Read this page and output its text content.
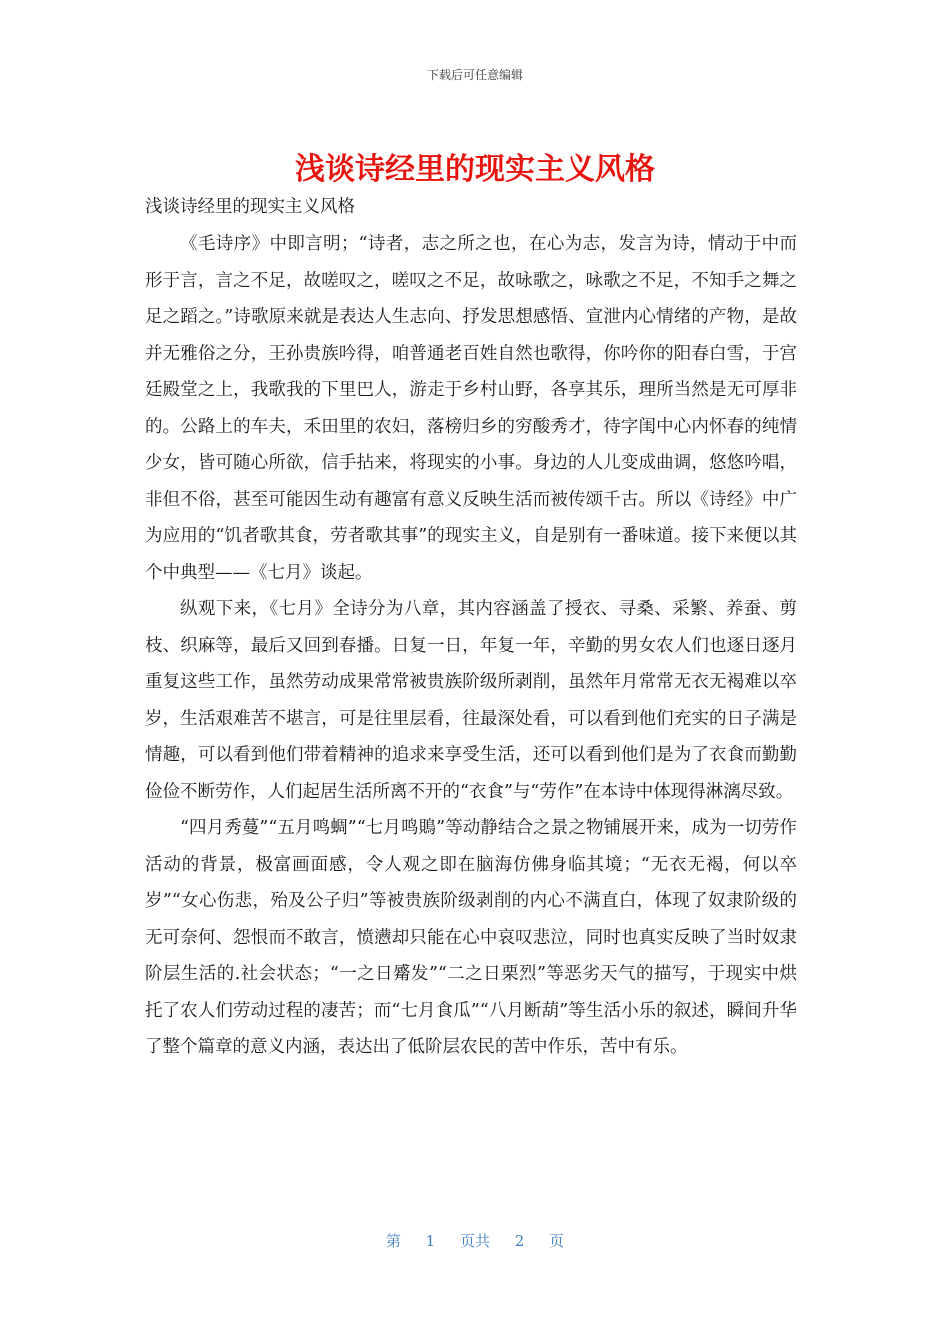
下载后可任意编辑
浅谈诗经里的现实主义风格

浅谈诗经里的现实主义风格

《毛诗序》中即言明；“诗者，志之所之也，在心为志，发言为诗，情动于中而形于言，言之不足，故嗟叹之，嗟叹之不足，故咏歌之，咏歌之不足，不知手之舞之足之蹈之。”诗歌原来就是表达人生志向、抒发思想感悟、宣泄内心情绪的产物，是故并无雅俗之分，王孙贵族吟得，咱普通老百姓自然也歌得，你吟你的阳春白雪，于宫廷殿堂之上，我歌我的下里巴人，游走于乡村山野，各享其乐，理所当然是无可厚非的。公路上的车夫，禾田里的农妇，落榜归乡的穷酸秀才，待字闺中心内怀春的纯情少女，皆可随心所欲，信手拈来，将现实的小事。身边的人儿变成曲调，悠悠吟唱，非但不俗，甚至可能因生动有趣富有意义反映生活而被传颂千古。所以《诗经》中广为应用的“饥者歌其食，劳者歌其事”的现实主义，自是别有一番味道。接下来便以其个中典型——《七月》谈起。

纵观下来，《七月》全诗分为八章，其内容涵盖了授衣、寻桑、采繁、养蚕、剪枝、织麻等，最后又回到春播。日复一日，年复一年，辛勤的男女农人们也逐日逐月重复这些工作，虽然劳动成果常常被贵族阶级所剥削，虽然年月常常无衣无褐难以卒岁，生活艰难苦不堪言，可是往里层看，往最深处看，可以看到他们充实的日子满是情趣，可以看到他们带着精神的追求来享受生活，还可以看到他们是为了衣食而勤勤俭俭不断劳作，人们起居生活所离不开的“衣食”与“劳作”在本诗中体现得淋漓尽致。

“四月秀蔓”“五月鸣蜩”“七月鸣鵙”等动静结合之景之物铺展开来，成为一切劳作活动的背景，极富画面感，令人观之即在脑海仿佛身临其境；“无衣无褐，何以卒岁”“女心伤悲，殆及公子归”等被贵族阶级剥削的内心不满直白，体现了奴隶阶级的无可奈何、怨恨而不敢言，愤懑却只能在心中哀叹悲泣，同时也真实反映了当时奴隶阶层生活的.社会状态；“一之日觱发”“二之日栗烈”等恶劣天气的描写，于现实中烘托了农人们劳动过程的凄苦；而“七月食瓜”“八月断葫”等生活小乐的叙述，瞬间升华了整个篇章的意义内涵，表达出了低阶层农民的苦中作乐，苦中有乐。

第 1 页共 2 页
